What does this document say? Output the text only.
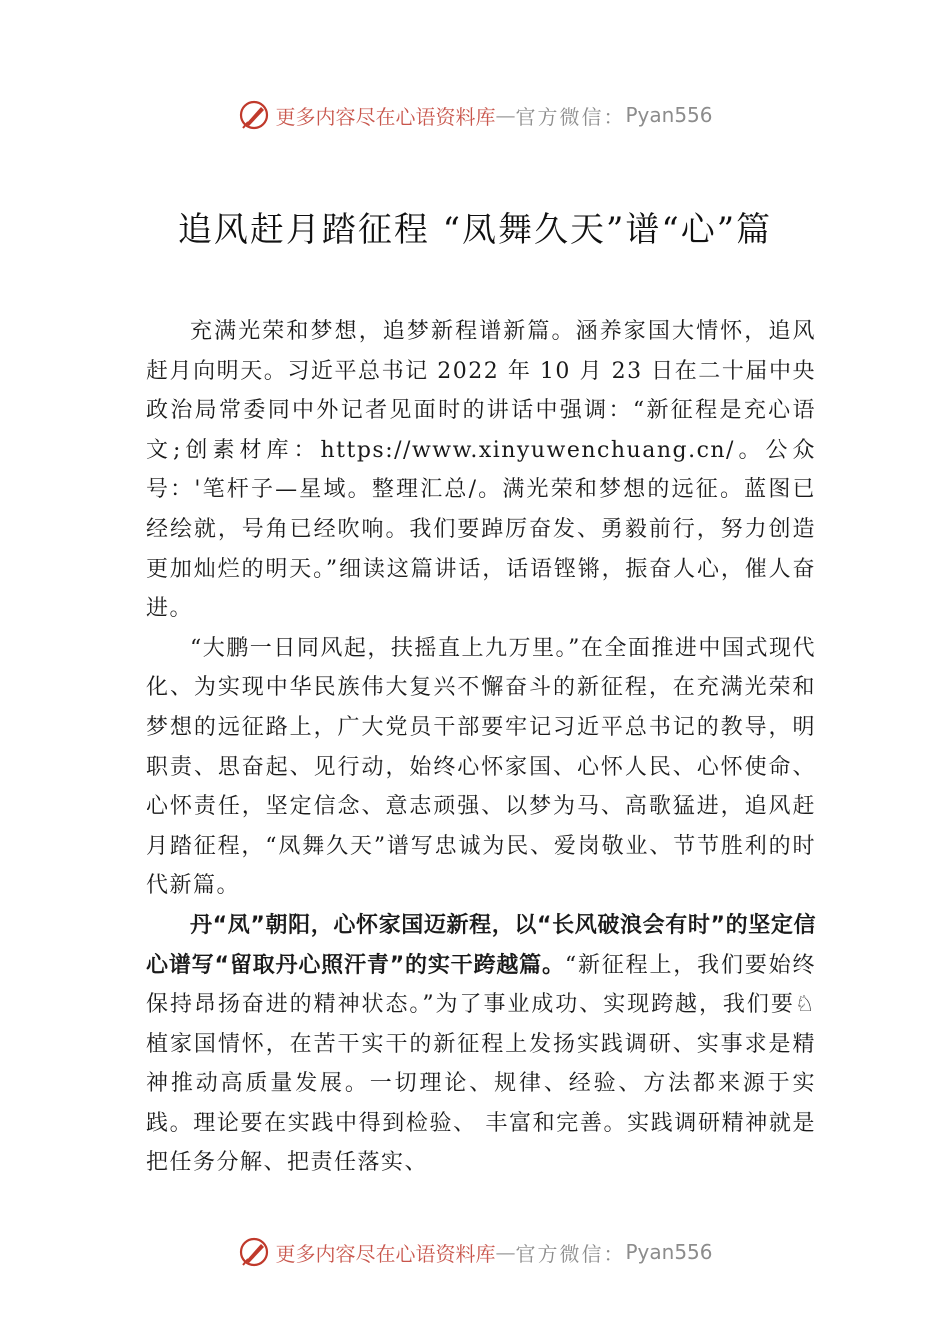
更多内容尽在心语资料库 — 官方微信： Pyan556
追风赶月踏征程 “凤舞久天”谱“心”篇

充满光荣和梦想，追梦新程谱新篇。涵养家国大情怀，追风赶月向明天。习近平总书记 2022 年 10 月 23 日在二十届中央政治局常委同中外记者见面时的讲话中强调：“新征程是充心语文;创素材库：https://www.xinyuwenchuang.cn/。公众号：'笔杆子—星域。整理汇总/。满光荣和梦想的远征。蓝图已经绘就，号角已经吹响。我们要踔厉奋发、勇毅前行，努力创造更加灿烂的明天。”细读这篇讲话，话语铿锵，振奋人心，催人奋进。

“大鹏一日同风起，扶摇直上九万里。”在全面推进中国式现代化、为实现中华民族伟大复兴不懈奋斗的新征程，在充满光荣和梦想的远征路上，广大党员干部要牢记习近平总书记的教导，明职责、思奋起、见行动，始终心怀家国、心怀人民、心怀使命、心怀责任，坚定信念、意志顽强、以梦为马、高歌猛进，追风赶月踏征程，“凤舞久天”谱写忠诚为民、爱岗敬业、节节胜利的时代新篇。

丹“凤”朝阳，心怀家国迈新程，以“长风破浪会有时”的坚定信心谱写“留取丹心照汗青”的实干跨越篇。“新征程上，我们要始终保持昂扬奋进的精神状态。”为了事业成功、实现跨越，我们要♘植家国情怀，在苦干实干的新征程上发扬实践调研、实事求是精神推动高质量发展。一切理论、规律、经验、方法都来源于实践。理论要在实践中得到检验、 丰富和完善。实践调研精神就是把任务分解、把责任落实、

更多内容尽在心语资料库 — 官方微信： Pyan556
